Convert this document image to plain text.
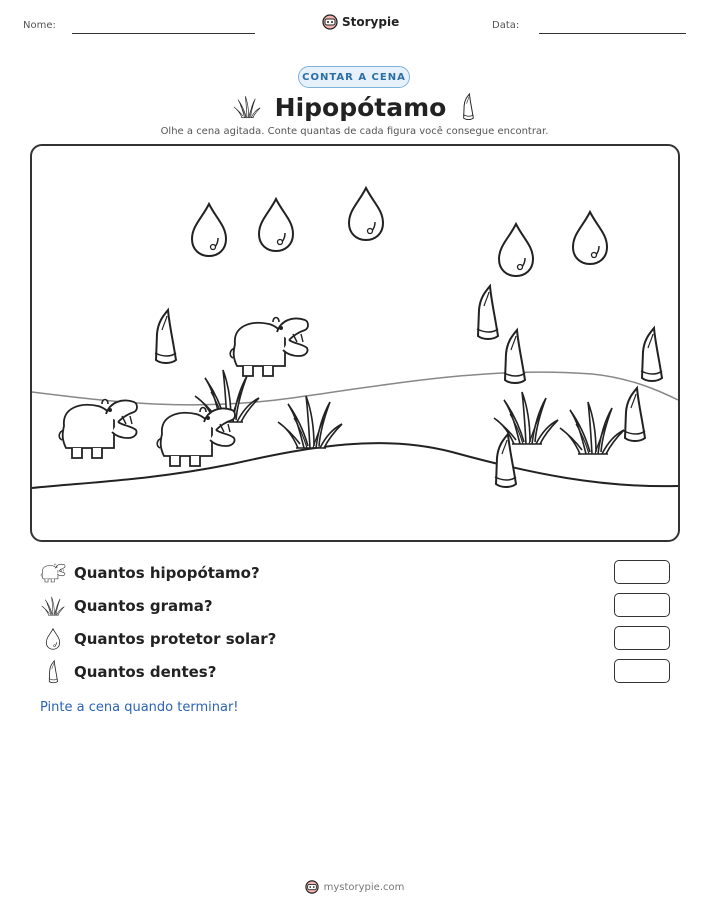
Nome:	Storypie	Data:
CONTAR A CENA
Hipopótamo
Olhe a cena agitada. Conte quantas de cada figura você consegue encontrar.
Quantos hipopótamo?
Quantos grama?
Quantos protetor solar?
Quantos dentes?
Pinte a cena quando terminar!
mystorypie.com
